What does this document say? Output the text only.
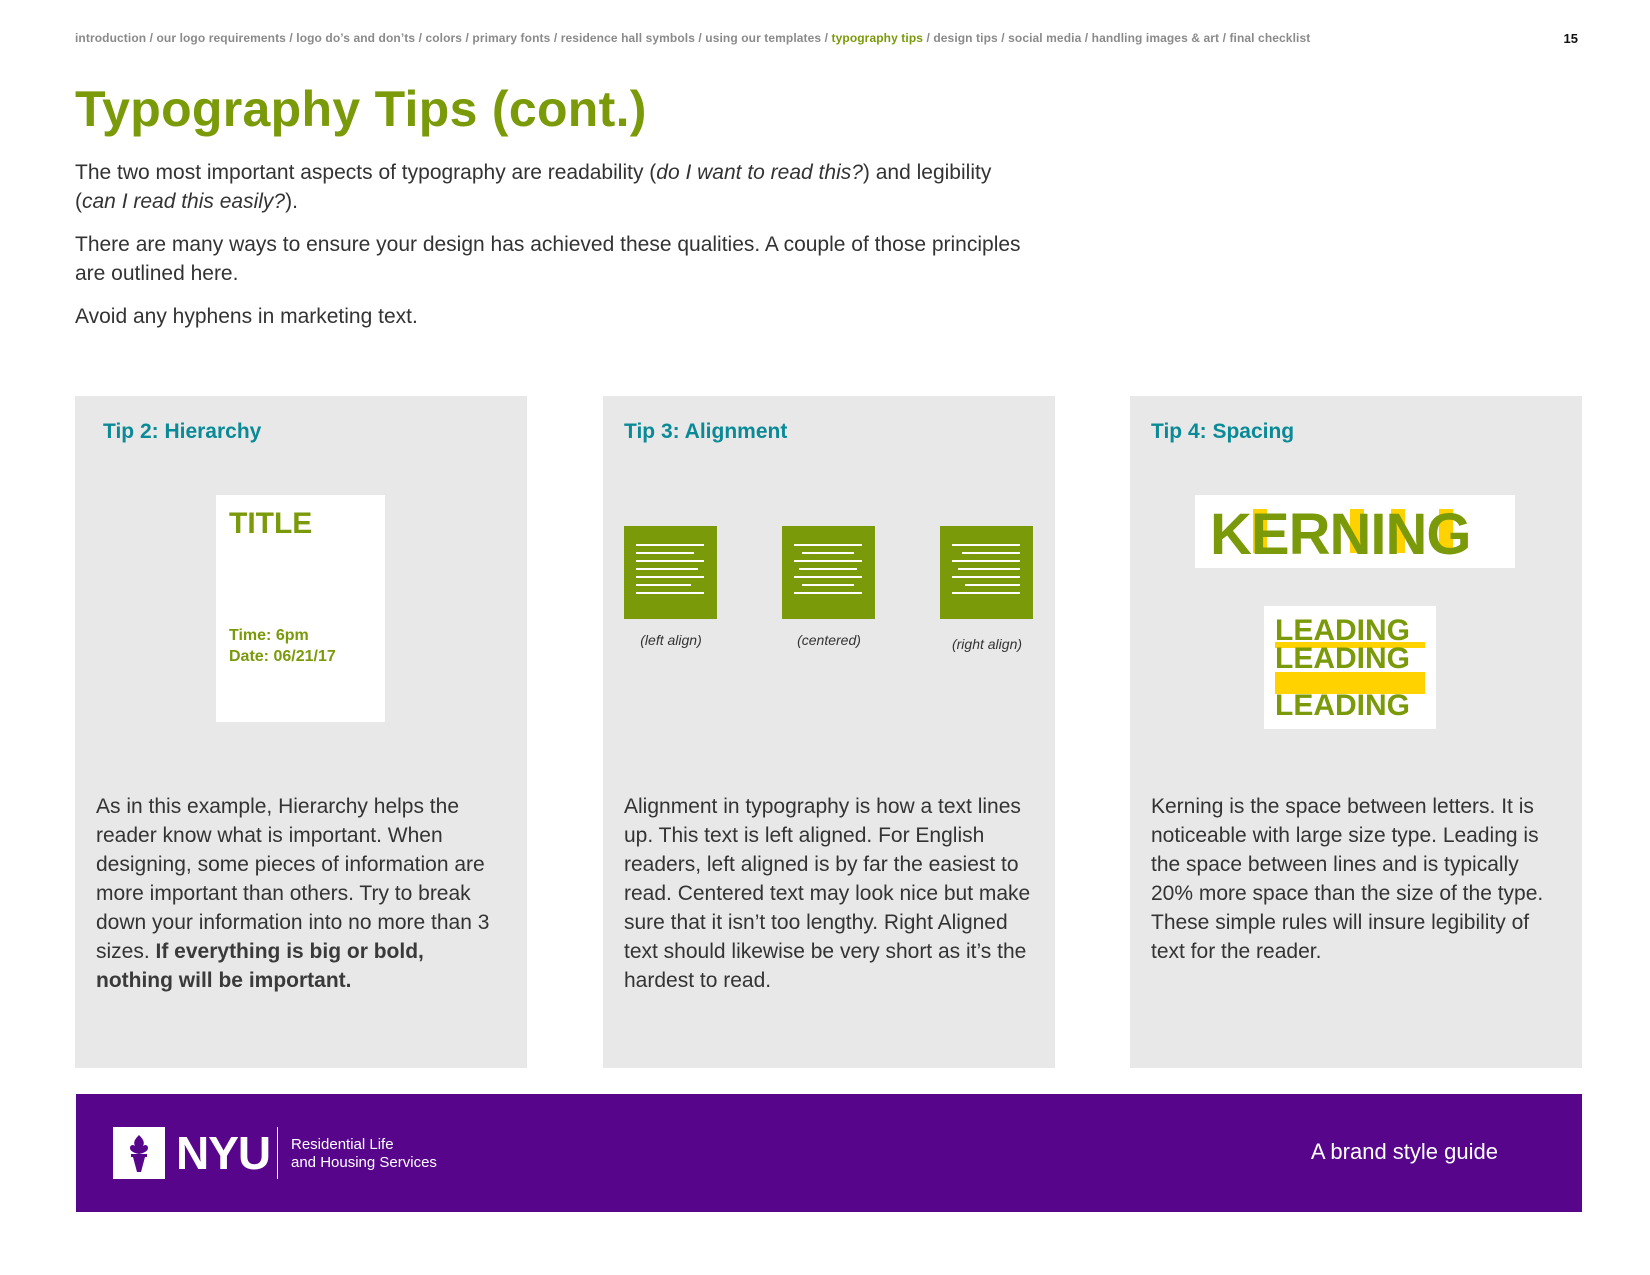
introduction / our logo requirements / logo do’s and don’ts / colors / primary fonts / residence hall symbols / using our templates / typography tips / design tips / social media / handling images & art / final checklist	15
Typography Tips (cont.)

The two most important aspects of typography are readability (do I want to read this?) and legibility (can I read this easily?).

There are many ways to ensure your design has achieved these qualities. A couple of those principles are outlined here.

Avoid any hyphens in marketing text.

Tip 2: Hierarchy
TITLE
Time: 6pm
Date: 06/21/17
As in this example, Hierarchy helps the reader know what is important. When designing, some pieces of information are more important than others. Try to break down your information into no more than 3 sizes. If everything is big or bold, nothing will be important.
Tip 3: Alignment
(left align)	(centered)	(right align)
Alignment in typography is how a text lines up. This text is left aligned. For English readers, left aligned is by far the easiest to read. Centered text may look nice but make sure that it isn’t too lengthy. Right Aligned text should likewise be very short as it’s the hardest to read.
Tip 4: Spacing
KERNING
LEADING
LEADING
LEADING
Kerning is the space between letters. It is noticeable with large size type. Leading is the space between lines and is typically 20% more space than the size of the type. These simple rules will insure legibility of text for the reader.
NYU Residential Life
and Housing Services	A brand style guide
